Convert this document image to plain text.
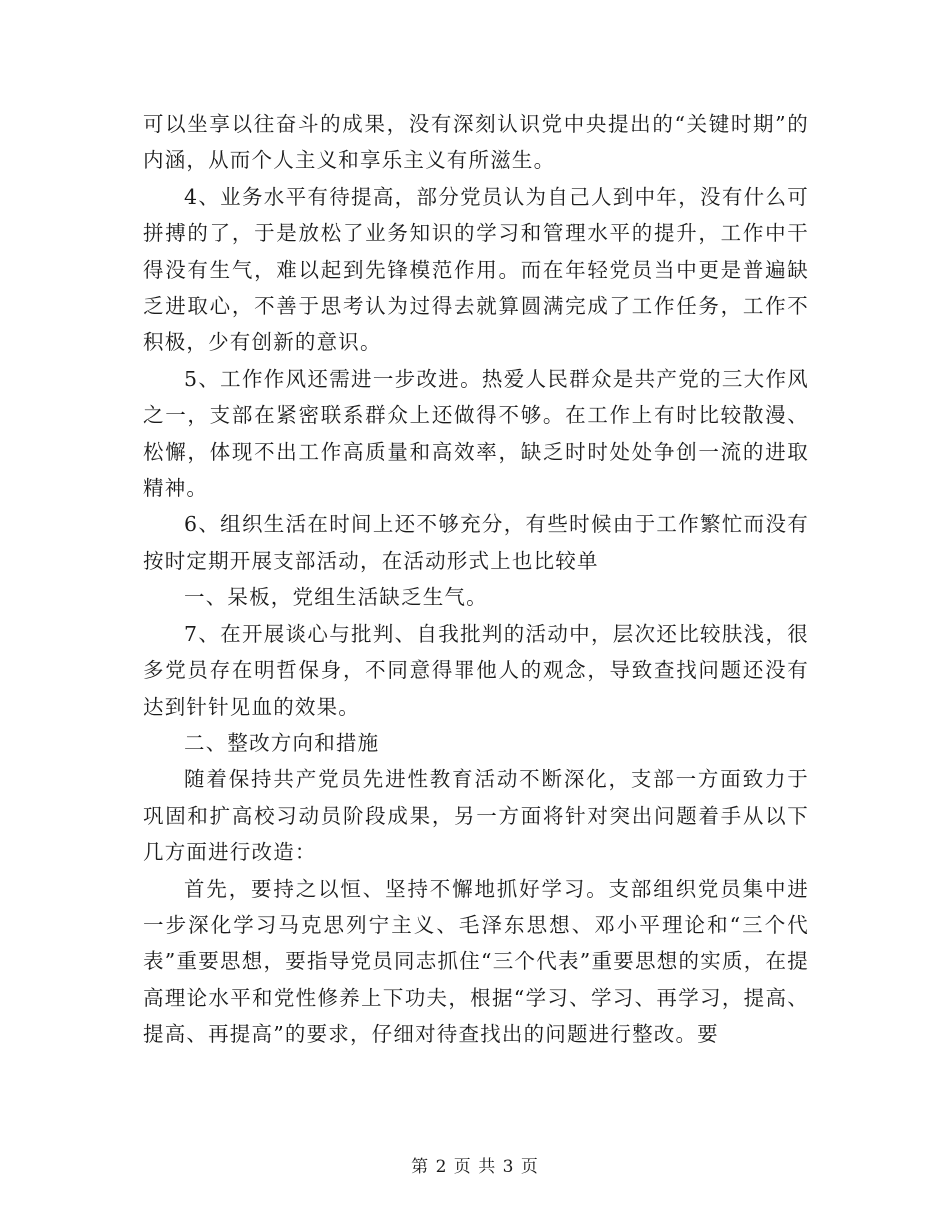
可以坐享以往奋斗的成果，没有深刻认识党中央提出的“关键时期”的内涵，从而个人主义和享乐主义有所滋生。

4、业务水平有待提高，部分党员认为自己人到中年，没有什么可拼搏的了，于是放松了业务知识的学习和管理水平的提升，工作中干得没有生气，难以起到先锋模范作用。而在年轻党员当中更是普遍缺乏进取心，不善于思考认为过得去就算圆满完成了工作任务，工作不积极，少有创新的意识。

5、工作作风还需进一步改进。热爱人民群众是共产党的三大作风之一，支部在紧密联系群众上还做得不够。在工作上有时比较散漫、松懈，体现不出工作高质量和高效率，缺乏时时处处争创一流的进取精神。

6、组织生活在时间上还不够充分，有些时候由于工作繁忙而没有按时定期开展支部活动，在活动形式上也比较单

一、呆板，党组生活缺乏生气。

7、在开展谈心与批判、自我批判的活动中，层次还比较肤浅，很多党员存在明哲保身，不同意得罪他人的观念，导致查找问题还没有达到针针见血的效果。

二、整改方向和措施

随着保持共产党员先进性教育活动不断深化，支部一方面致力于巩固和扩高校习动员阶段成果，另一方面将针对突出问题着手从以下几方面进行改造：

首先，要持之以恒、坚持不懈地抓好学习。支部组织党员集中进一步深化学习马克思列宁主义、毛泽东思想、邓小平理论和“三个代表”重要思想，要指导党员同志抓住“三个代表”重要思想的实质，在提高理论水平和党性修养上下功夫，根据“学习、学习、再学习，提高、提高、再提高”的要求，仔细对待查找出的问题进行整改。要

第 2 页 共 3 页
